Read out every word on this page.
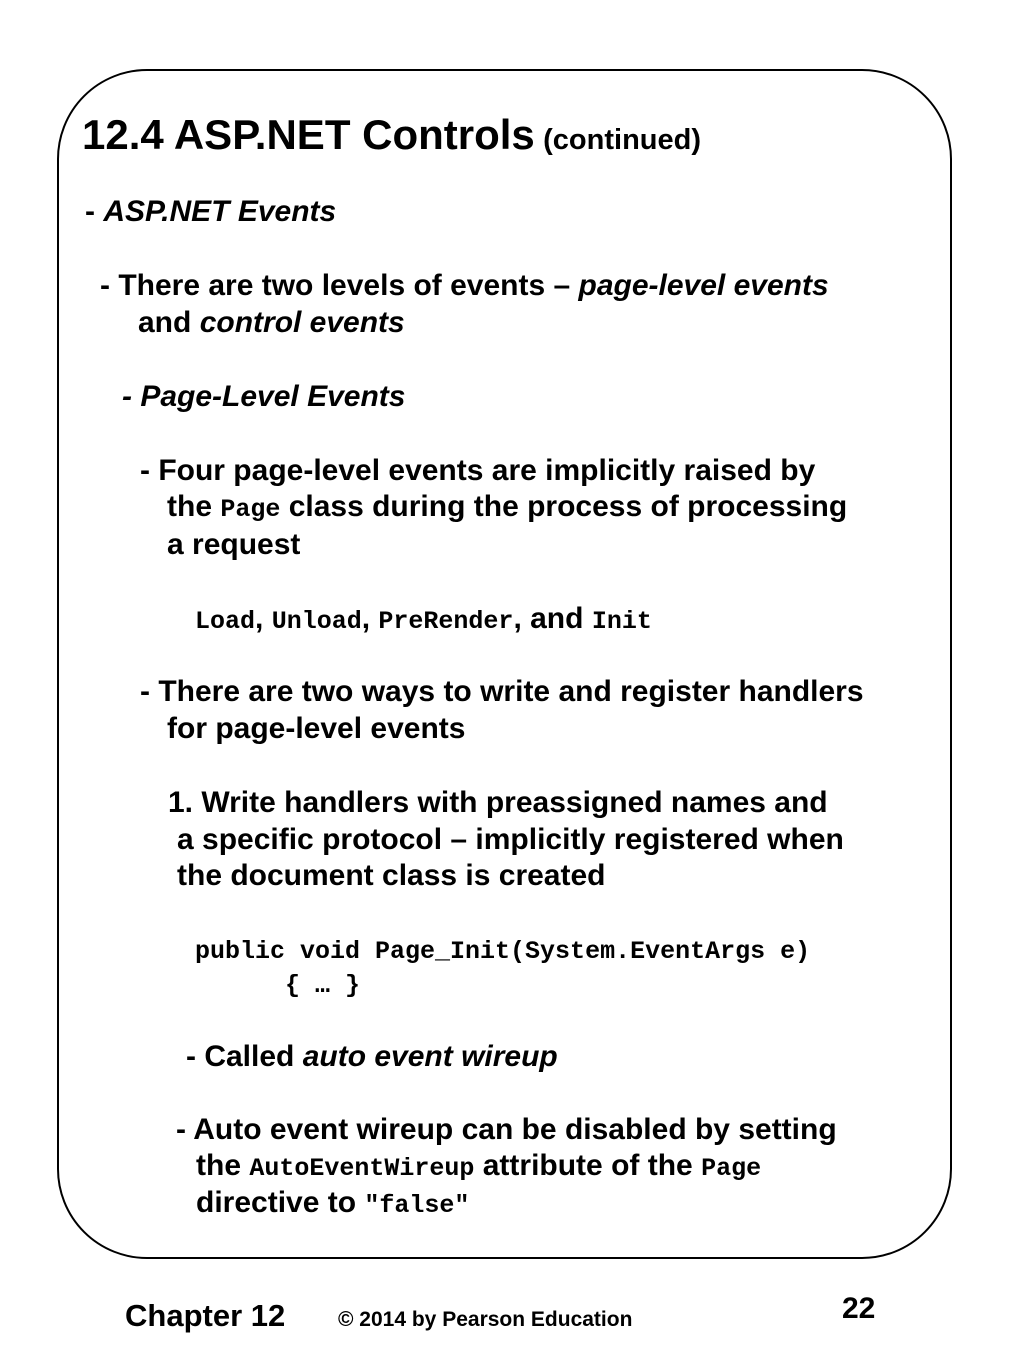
12.4 ASP.NET Controls (continued)
- ASP.NET Events
- There are two levels of events – page-level events
and control events
- Page-Level Events
- Four page-level events are implicitly raised by
the Page class during the process of processing
a request
Load, Unload, PreRender, and Init
- There are two ways to write and register handlers
for page-level events
1. Write handlers with preassigned names and
a specific protocol – implicitly registered when
the document class is created
public void Page_Init(System.EventArgs e)
{ … }
- Called auto event wireup
- Auto event wireup can be disabled by setting
the AutoEventWireup attribute of the Page
directive to "false"
Chapter 12	© 2014 by Pearson Education	22
